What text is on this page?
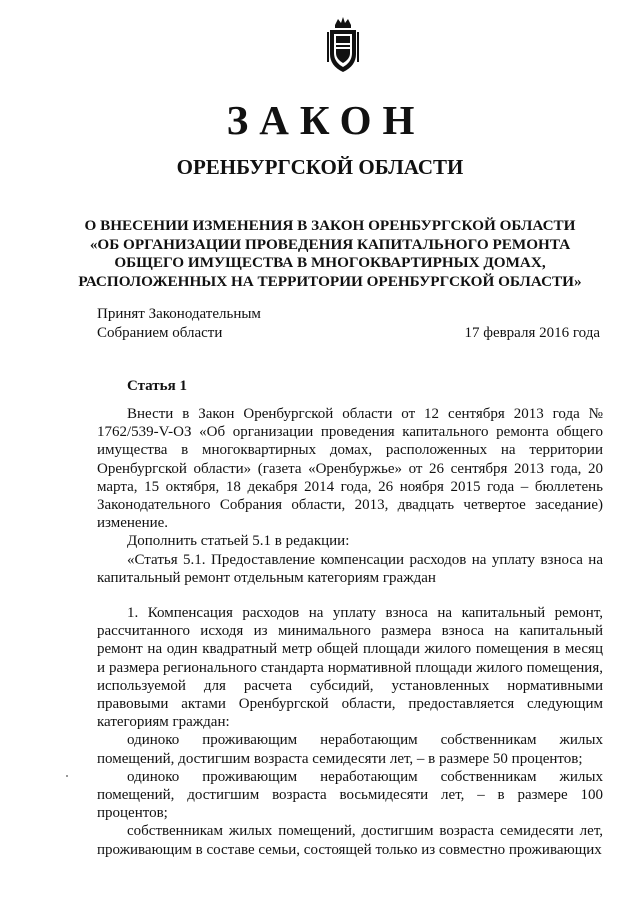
ЗАКОН
ОРЕНБУРГСКОЙ ОБЛАСТИ
О ВНЕСЕНИИ ИЗМЕНЕНИЯ В ЗАКОН ОРЕНБУРГСКОЙ ОБЛАСТИ
«ОБ ОРГАНИЗАЦИИ ПРОВЕДЕНИЯ КАПИТАЛЬНОГО РЕМОНТА
ОБЩЕГО ИМУЩЕСТВА В МНОГОКВАРТИРНЫХ ДОМАХ,
РАСПОЛОЖЕННЫХ НА ТЕРРИТОРИИ ОРЕНБУРГСКОЙ ОБЛАСТИ»
Принят Законодательным
Собранием области	17 февраля 2016 года
Статья 1

Внести в Закон Оренбургской области от 12 сентября 2013 года № 1762/539-V-ОЗ «Об организации проведения капитального ремонта общего имущества в многоквартирных домах, расположенных на территории Оренбургской области» (газета «Оренбуржье» от 26 сентября 2013 года, 20 марта, 15 октября, 18 декабря 2014 года, 26 ноября 2015 года – бюллетень Законодательного Собрания области, 2013, двадцать четвертое заседание) изменение.

Дополнить статьей 5.1 в редакции:

«Статья 5.1. Предоставление компенсации расходов на уплату взноса на капитальный ремонт отдельным категориям граждан

1. Компенсация расходов на уплату взноса на капитальный ремонт, рассчитанного исходя из минимального размера взноса на капитальный ремонт на один квадратный метр общей площади жилого помещения в месяц и размера регионального стандарта нормативной площади жилого помещения, используемой для расчета субсидий, установленных нормативными правовыми актами Оренбургской области, предоставляется следующим категориям граждан:

одиноко проживающим неработающим собственникам жилых помещений, достигшим возраста семидесяти лет, – в размере 50 процентов;

одиноко проживающим неработающим собственникам жилых помещений, достигшим возраста восьмидесяти лет, – в размере 100 процентов;

собственникам жилых помещений, достигшим возраста семидесяти лет, проживающим в составе семьи, состоящей только из совместно проживающих
